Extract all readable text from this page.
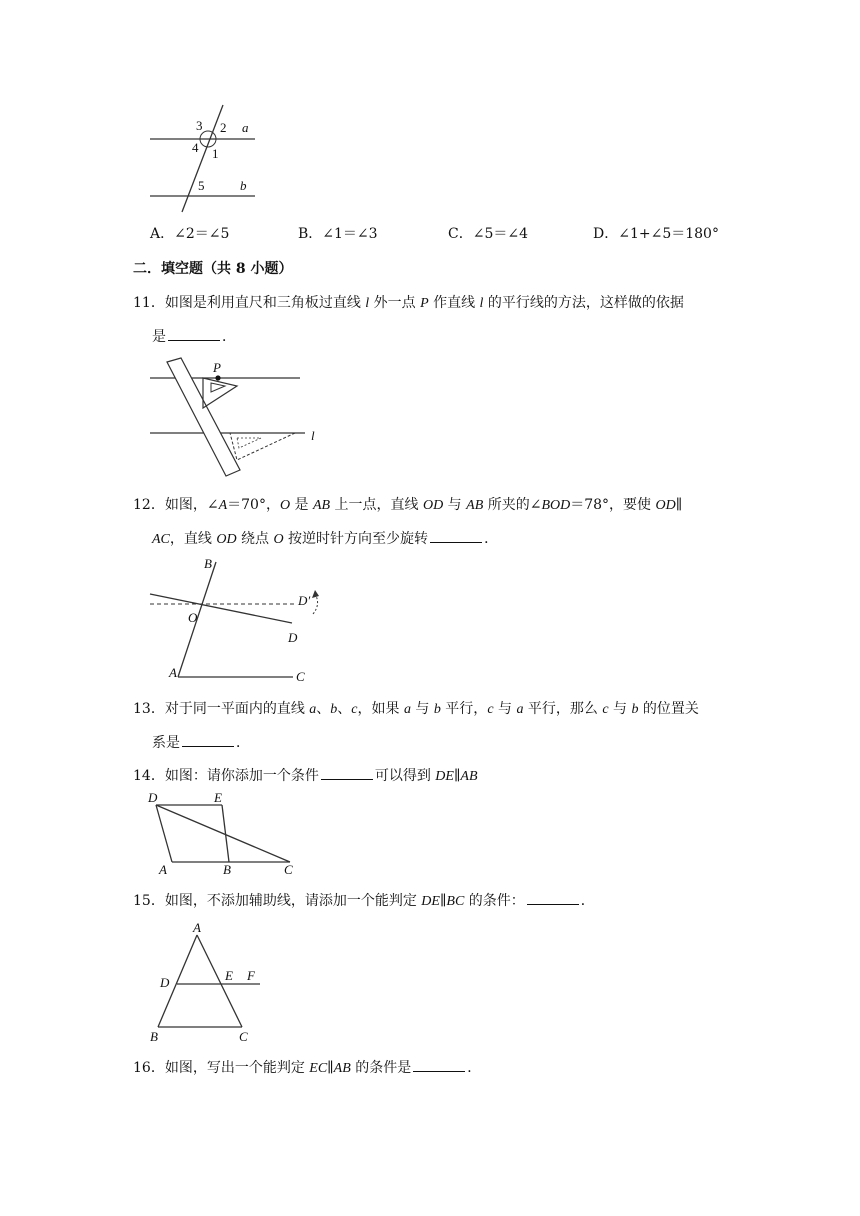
3 2 a
4 1
5	b
A．∠2＝∠5	B．∠1＝∠3	C．∠5＝∠4	D．∠1+∠5＝180°
二．填空题（共 8 小题）
11．如图是利用直尺和三角板过直线 l 外一点 P 作直线 l 的平行线的方法，这样做的依据
是	．
P
l
12．如图，∠A＝70°，O 是 AB 上一点，直线 OD 与 AB 所夹的∠BOD＝78°，要使 OD∥
AC，直线 OD 绕点 O 按逆时针方向至少旋转	．
B
D′
O
D
A	C
13．对于同一平面内的直线 a、b、c，如果 a 与 b 平行，c 与 a 平行，那么 c 与 b 的位置关
系是	．
14．如图：请你添加一个条件	可以得到 DE∥AB
D	E
A	B	C
15．如图，不添加辅助线，请添加一个能判定 DE∥BC 的条件：	．
A
D	E F
B	C
16．如图，写出一个能判定 EC∥AB 的条件是	．
